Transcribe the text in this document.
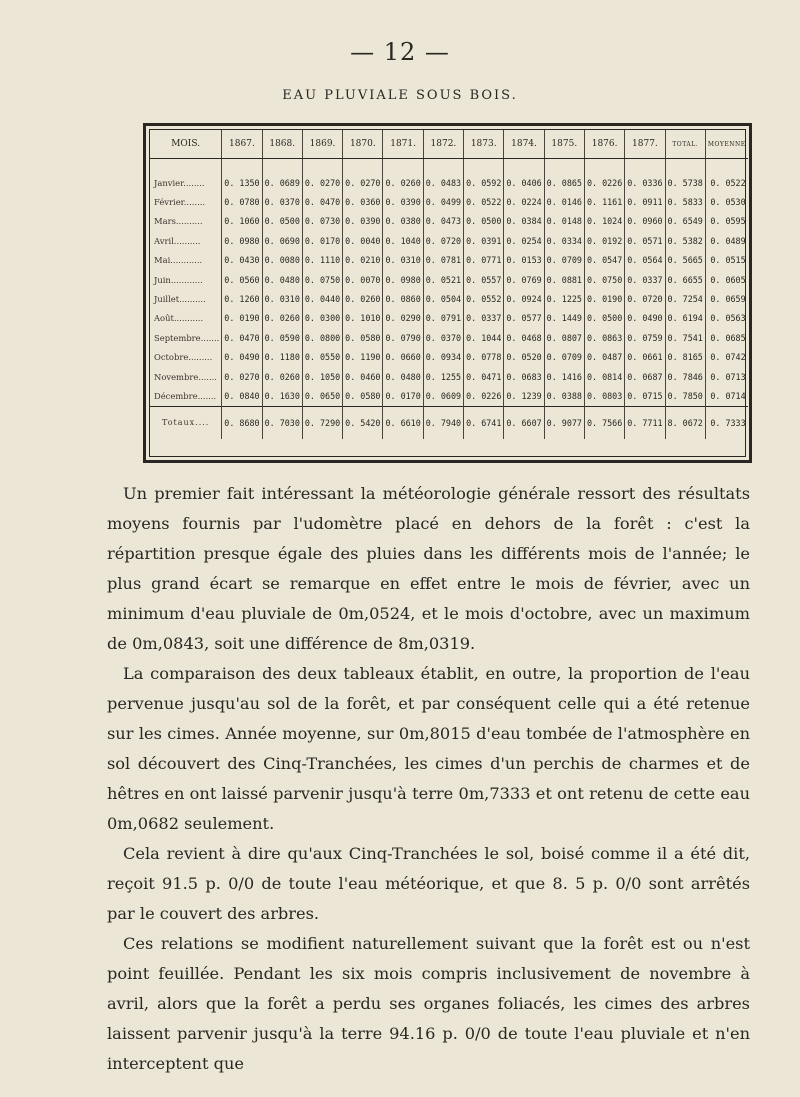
— 12 —
EAU PLUVIALE SOUS BOIS.
MOIS.	1867.	1868.	1869.	1870.	1871.	1872.	1873.	1874.	1875.	1876.	1877.	TOTAL.	MOYENNE

Janvier........	0. 1350	0. 0689	0. 0270	0. 0270	0. 0260	0. 0483	0. 0592	0. 0406	0. 0865	0. 0226	0. 0336	0. 5738	0. 0522
Février........	0. 0780	0. 0370	0. 0470	0. 0360	0. 0390	0. 0499	0. 0522	0. 0224	0. 0146	0. 1161	0. 0911	0. 5833	0. 0530
Mars..........	0. 1060	0. 0500	0. 0730	0. 0390	0. 0380	0. 0473	0. 0500	0. 0384	0. 0148	0. 1024	0. 0960	0. 6549	0. 0595
Avril..........	0. 0980	0. 0690	0. 0170	0. 0040	0. 1040	0. 0720	0. 0391	0. 0254	0. 0334	0. 0192	0. 0571	0. 5382	0. 0489
Mai............	0. 0430	0. 0080	0. 1110	0. 0210	0. 0310	0. 0781	0. 0771	0. 0153	0. 0709	0. 0547	0. 0564	0. 5665	0. 0515
Juin............	0. 0560	0. 0480	0. 0750	0. 0070	0. 0980	0. 0521	0. 0557	0. 0769	0. 0881	0. 0750	0. 0337	0. 6655	0. 0605
Juillet..........	0. 1260	0. 0310	0. 0440	0. 0260	0. 0860	0. 0504	0. 0552	0. 0924	0. 1225	0. 0190	0. 0720	0. 7254	0. 0659
Août...........	0. 0190	0. 0260	0. 0300	0. 1010	0. 0290	0. 0791	0. 0337	0. 0577	0. 1449	0. 0500	0. 0490	0. 6194	0. 0563
Septembre.......	0. 0470	0. 0590	0. 0800	0. 0580	0. 0790	0. 0370	0. 1044	0. 0468	0. 0807	0. 0863	0. 0759	0. 7541	0. 0685
Octobre.........	0. 0490	0. 1180	0. 0550	0. 1190	0. 0660	0. 0934	0. 0778	0. 0520	0. 0709	0. 0487	0. 0661	0. 8165	0. 0742
Novembre.......	0. 0270	0. 0260	0. 1050	0. 0460	0. 0480	0. 1255	0. 0471	0. 0683	0. 1416	0. 0814	0. 0687	0. 7846	0. 0713
Décembre.......	0. 0840	0. 1630	0. 0650	0. 0580	0. 0170	0. 0609	0. 0226	0. 1239	0. 0388	0. 0803	0. 0715	0. 7850	0. 0714
Totaux....	0. 8680	0. 7030	0. 7290	0. 5420	0. 6610	0. 7940	0. 6741	0. 6607	0. 9077	0. 7566	0. 7711	8. 0672	0. 7333

Un premier fait intéressant la météorologie générale ressort des résultats moyens fournis par l'udomètre placé en dehors de la forêt : c'est la répartition presque égale des pluies dans les différents mois de l'année; le plus grand écart se remarque en effet entre le mois de février, avec un minimum d'eau pluviale de 0m,0524, et le mois d'octobre, avec un maximum de 0m,0843, soit une différence de 8m,0319.

La comparaison des deux tableaux établit, en outre, la proportion de l'eau pervenue jusqu'au sol de la forêt, et par conséquent celle qui a été retenue sur les cimes. Année moyenne, sur 0m,8015 d'eau tombée de l'atmosphère en sol découvert des Cinq-Tranchées, les cimes d'un perchis de charmes et de hêtres en ont laissé parvenir jusqu'à terre 0m,7333 et ont retenu de cette eau 0m,0682 seulement.

Cela revient à dire qu'aux Cinq-Tranchées le sol, boisé comme il a été dit, reçoit 91.5 p. 0/0 de toute l'eau météorique, et que 8. 5 p. 0/0 sont arrêtés par le couvert des arbres.

Ces relations se modifient naturellement suivant que la forêt est ou n'est point feuillée. Pendant les six mois compris inclusivement de novembre à avril, alors que la forêt a perdu ses organes foliacés, les cimes des arbres laissent parvenir jusqu'à la terre 94.16 p. 0/0 de toute l'eau pluviale et n'en interceptent que
